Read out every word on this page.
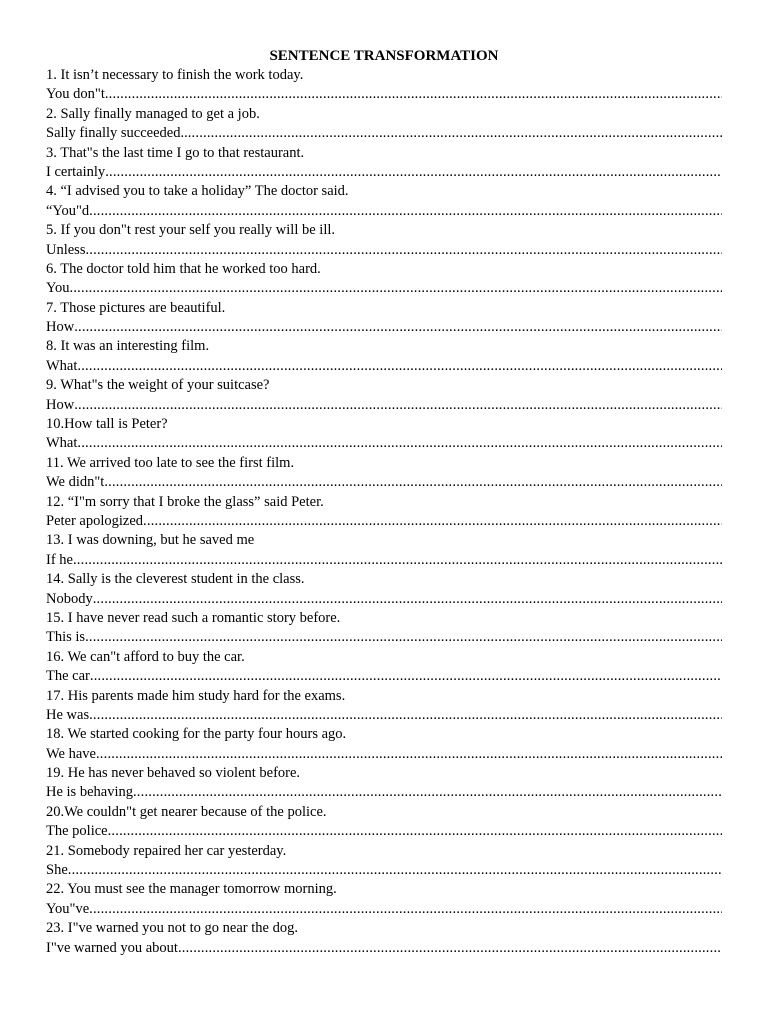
SENTENCE TRANSFORMATION
1. It isn’t necessary to finish the work today.
You don"t
.....
2. Sally finally managed to get a job.
Sally finally succeeded..
.....
3. That"s the last time I go to that restaurant.
I certainly
.....
4. “I advised you to take a holiday” The doctor said.
“You"d
.....
5. If you don"t rest your self you really will be ill.
Unless
.....
6. The doctor told him that he worked too hard.
You
.....
7. Those pictures are beautiful.
How
.....
8. It was an interesting film.
What
.....
9. What"s the weight of your suitcase?
How
.....
10.How tall is Peter?
What
.....
11. We arrived too late to see the first film.
We didn"t
.....
12. “I"m sorry that I broke the glass” said Peter.
Peter apologized
.....
13. I was downing, but he saved me
If he
.....
14. Sally is the cleverest student in the class.
Nobody
.....
15. I have never read such a romantic story before.
This is
.....
16. We can"t afford to buy the car.
The car
.....
17. His parents made him study hard for the exams.
He was
.....
18. We started cooking for the party four hours ago.
We have
.....
19. He has never behaved so violent before.
He is behaving
.....
20.We couldn"t get nearer because of the police.
The police
.....
21. Somebody repaired her car yesterday.
She
.....
22. You must see the manager tomorrow morning.
You"ve
.....
23. I"ve warned you not to go near the dog.
I"ve warned you about
.....
